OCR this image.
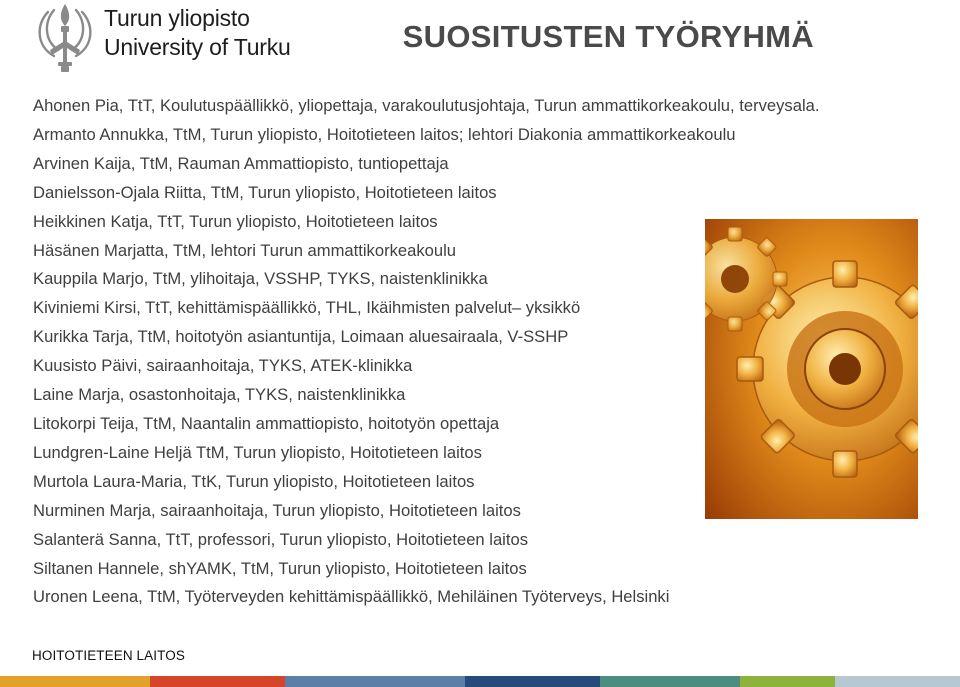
Turun yliopisto
University of Turku	SUOSITUSTEN TYÖRYHMÄ
Ahonen Pia, TtT, Koulutuspäällikkö, yliopettaja, varakoulutusjohtaja, Turun ammattikorkeakoulu, terveysala.
Armanto Annukka, TtM, Turun yliopisto, Hoitotieteen laitos; lehtori Diakonia ammattikorkeakoulu
Arvinen Kaija, TtM, Rauman Ammattiopisto, tuntiopettaja
Danielsson-Ojala Riitta, TtM, Turun yliopisto, Hoitotieteen laitos
Heikkinen Katja, TtT, Turun yliopisto, Hoitotieteen laitos
Häsänen Marjatta, TtM, lehtori Turun ammattikorkeakoulu
Kauppila Marjo, TtM, ylihoitaja, VSSHP, TYKS, naistenklinikka
Kiviniemi Kirsi, TtT, kehittämispäällikkö, THL, Ikäihmisten palvelut– yksikkö
Kurikka Tarja, TtM, hoitotyön asiantuntija, Loimaan aluesairaala, V-SSHP
Kuusisto Päivi, sairaanhoitaja, TYKS, ATEK-klinikka
Laine Marja, osastonhoitaja, TYKS, naistenklinikka
Litokorpi Teija, TtM, Naantalin ammattiopisto, hoitotyön opettaja
Lundgren-Laine Heljä TtM, Turun yliopisto, Hoitotieteen laitos
Murtola Laura-Maria, TtK, Turun yliopisto, Hoitotieteen laitos
Nurminen Marja, sairaanhoitaja, Turun yliopisto, Hoitotieteen laitos
Salanterä Sanna, TtT, professori, Turun yliopisto, Hoitotieteen laitos
Siltanen Hannele, shYAMK, TtM, Turun yliopisto, Hoitotieteen laitos
Uronen Leena, TtM, Työterveyden kehittämispäällikkö, Mehiläinen Työterveys, Helsinki
HOITOTIETEEN LAITOS
